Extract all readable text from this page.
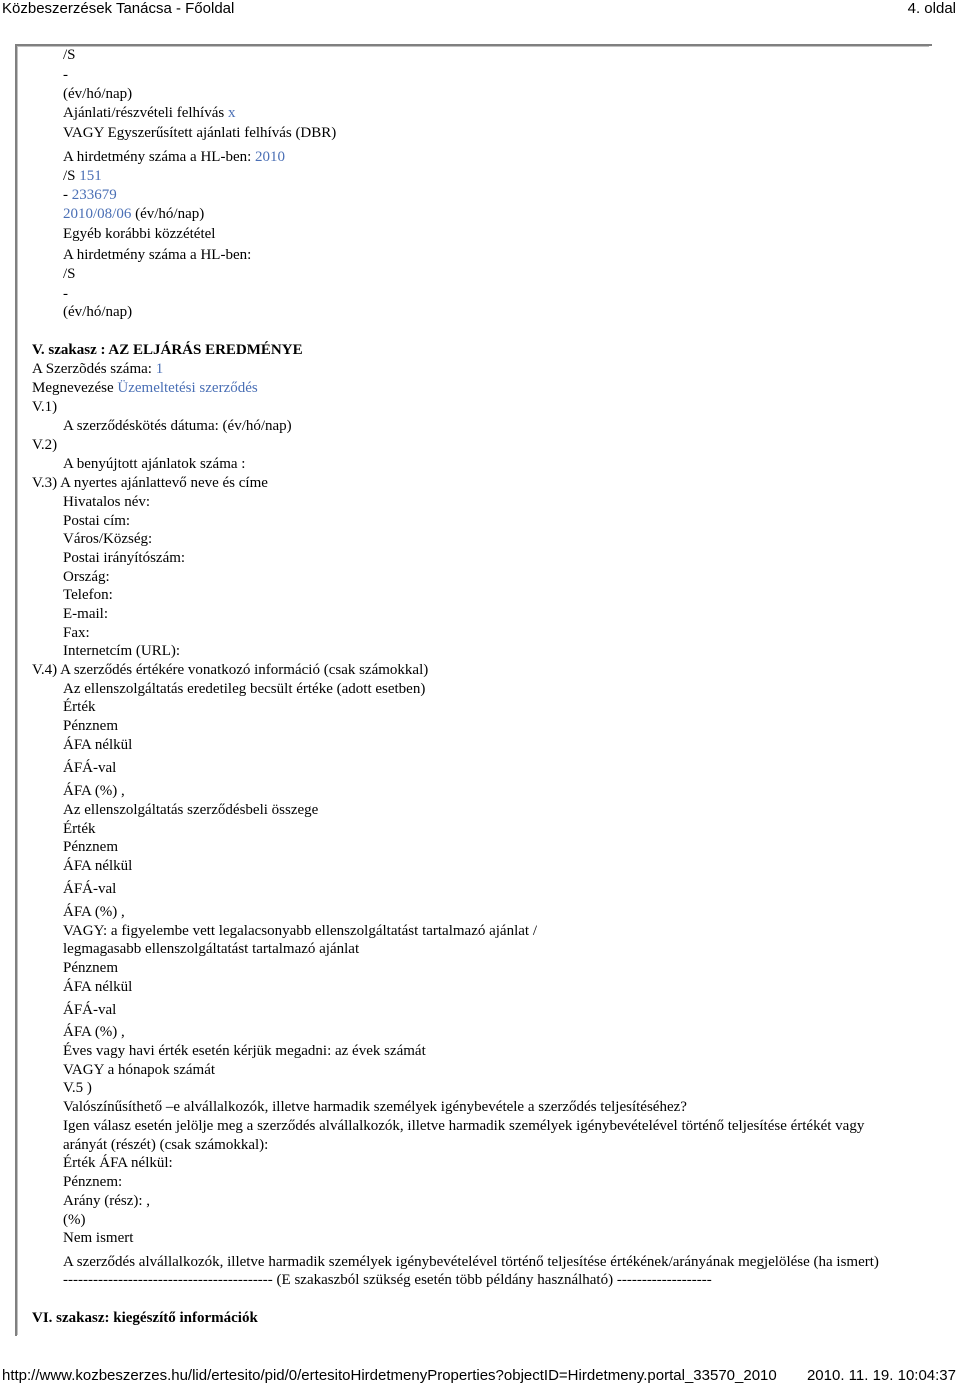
Közbeszerzések Tanácsa - Főoldal	4. oldal
/S
-
(év/hó/nap)
Ajánlati/részvételi felhívás x
VAGY Egyszerűsített ajánlati felhívás (DBR)
A hirdetmény száma a HL-ben: 2010
/S 151
- 233679
2010/08/06 (év/hó/nap)
Egyéb korábbi közzététel
A hirdetmény száma a HL-ben:
/S
-
(év/hó/nap)
V. szakasz : AZ ELJÁRÁS EREDMÉNYE
A Szerzõdés száma: 1
Megnevezése Üzemeltetési szerződés
V.1)
A szerződéskötés dátuma: (év/hó/nap)
V.2)
A benyújtott ajánlatok száma :
V.3) A nyertes ajánlattevő neve és címe
Hivatalos név:
Postai cím:
Város/Község:
Postai irányítószám:
Ország:
Telefon:
E-mail:
Fax:
Internetcím (URL):
V.4) A szerződés értékére vonatkozó információ (csak számokkal)
Az ellenszolgáltatás eredetileg becsült értéke (adott esetben)
Érték
Pénznem
ÁFA nélkül
ÁFÁ-val
ÁFA (%) ,
Az ellenszolgáltatás szerződésbeli összege
Érték
Pénznem
ÁFA nélkül
ÁFÁ-val
ÁFA (%) ,
VAGY: a figyelembe vett legalacsonyabb ellenszolgáltatást tartalmazó ajánlat /
legmagasabb ellenszolgáltatást tartalmazó ajánlat
Pénznem
ÁFA nélkül
ÁFÁ-val
ÁFA (%) ,
Éves vagy havi érték esetén kérjük megadni: az évek számát
VAGY a hónapok számát
V.5 )
Valószínűsíthető –e alvállalkozók, illetve harmadik személyek igénybevétele a szerződés teljesítéséhez?
Igen válasz esetén jelölje meg a szerződés alvállalkozók, illetve harmadik személyek igénybevételével történő teljesítése értékét vagy
arányát (részét) (csak számokkal):
Érték ÁFA nélkül:
Pénznem:
Arány (rész): ,
(%)
Nem ismert
A szerződés alvállalkozók, illetve harmadik személyek igénybevételével történő teljesítése értékének/arányának megjelölése (ha ismert)
------------------------------------------ (E szakaszból szükség esetén több példány használható) -------------------
VI. szakasz: kiegészítő információk
http://www.kozbeszerzes.hu/lid/ertesito/pid/0/ertesitoHirdetmenyProperties?objectID=Hirdetmeny.portal_33570_2010 2010. 11. 19. 10:04:37
